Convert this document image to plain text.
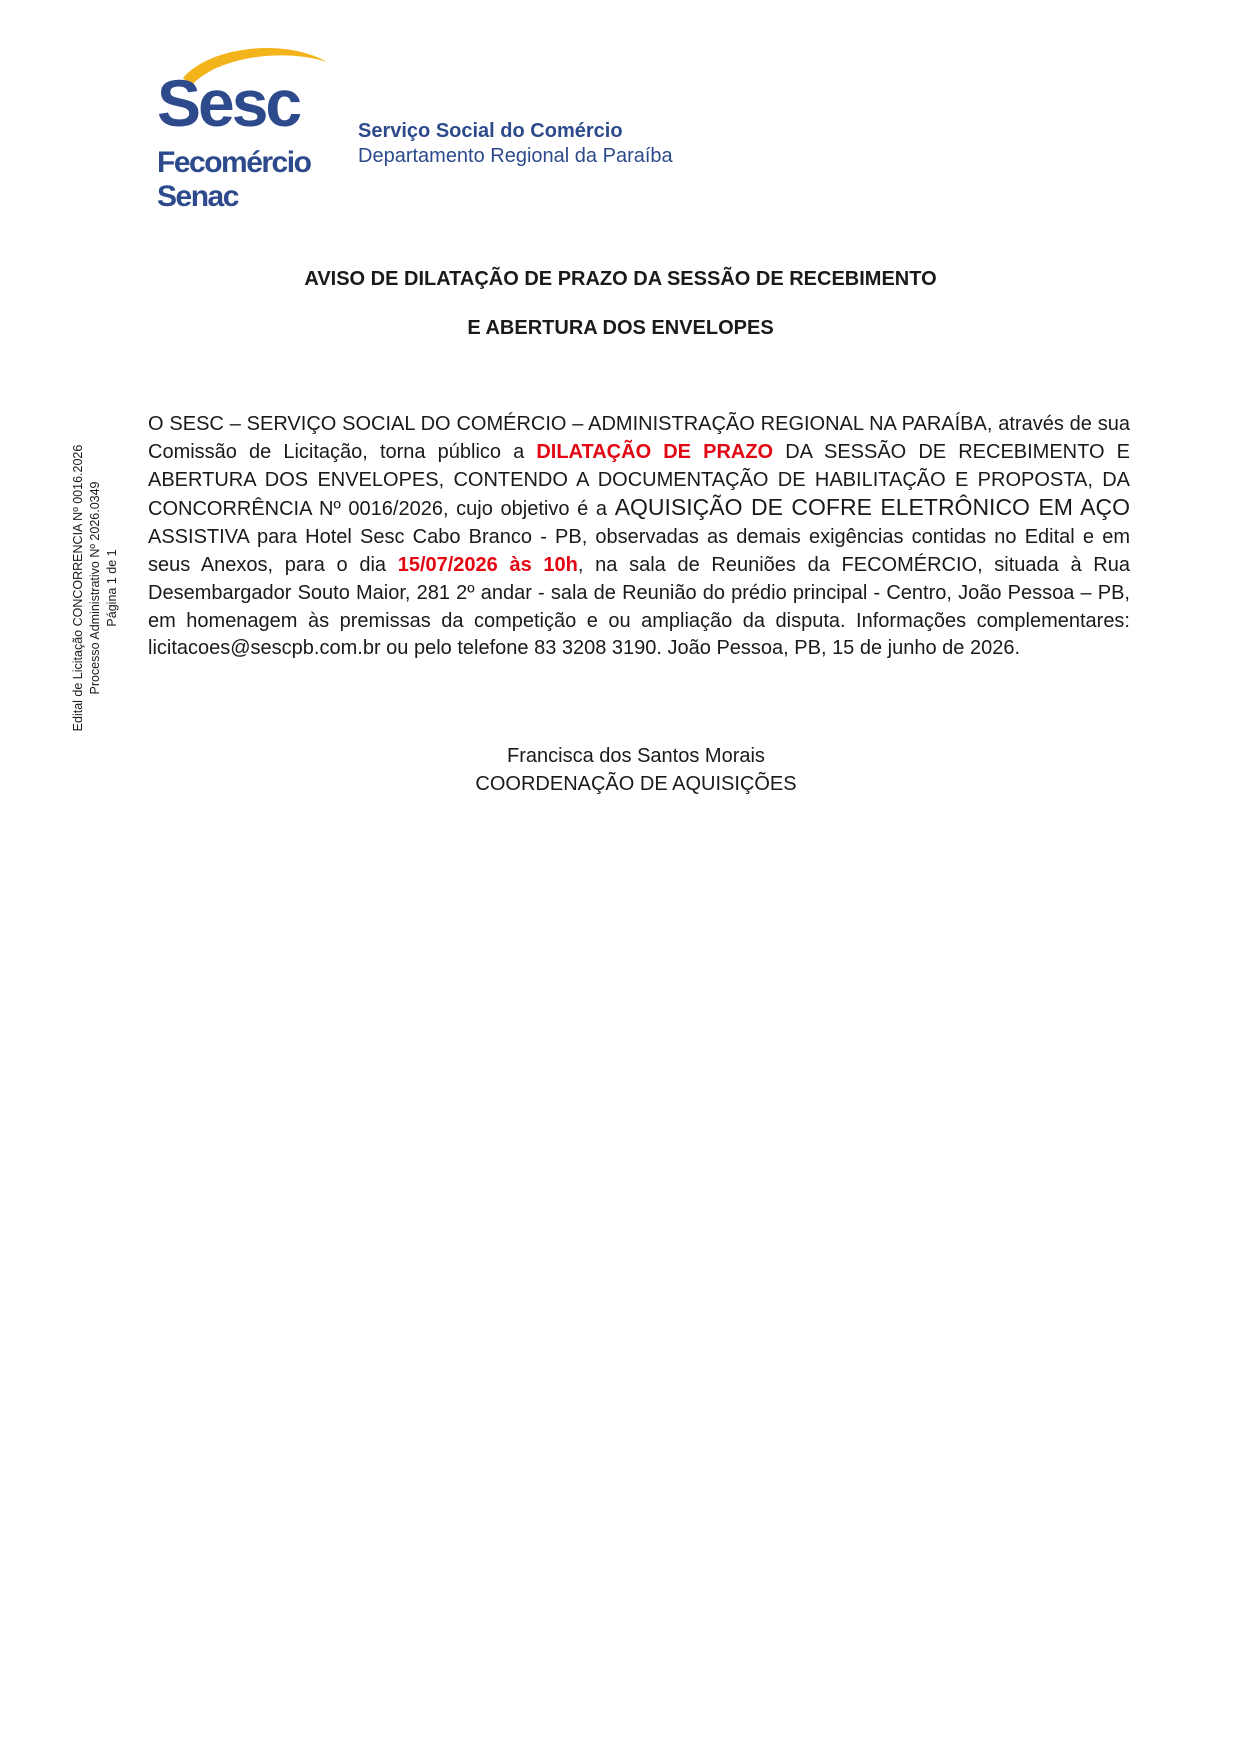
Sesc
Fecomércio
Senac
Serviço Social do Comércio
Departamento Regional da Paraíba
AVISO DE DILATAÇÃO DE PRAZO DA SESSÃO DE RECEBIMENTO
E ABERTURA DOS ENVELOPES
O SESC – SERVIÇO SOCIAL DO COMÉRCIO – ADMINISTRAÇÃO REGIONAL NA PARAÍBA, através de sua Comissão de Licitação, torna público a DILATAÇÃO DE PRAZO DA SESSÃO DE RECEBIMENTO E ABERTURA DOS ENVELOPES, CONTENDO A DOCUMENTAÇÃO DE HABILITAÇÃO E PROPOSTA, DA CONCORRÊNCIA Nº 0016/2026, cujo objetivo é a AQUISIÇÃO DE COFRE ELETRÔNICO EM AÇO ASSISTIVA para Hotel Sesc Cabo Branco - PB, observadas as demais exigências contidas no Edital e em seus Anexos, para o dia 15/07/2026 às 10h, na sala de Reuniões da FECOMÉRCIO, situada à Rua Desembargador Souto Maior, 281 2º andar - sala de Reunião do prédio principal - Centro, João Pessoa – PB, em homenagem às premissas da competição e ou ampliação da disputa. Informações complementares: licitacoes@sescpb.com.br ou pelo telefone 83 3208 3190. João Pessoa, PB, 15 de junho de 2026.
Francisca dos Santos Morais
COORDENAÇÃO DE AQUISIÇÕES
Edital de Licitação CONCORRENCIA Nº 0016.2026 Processo Administrativo Nº 2026.0349 Página 1 de 1
